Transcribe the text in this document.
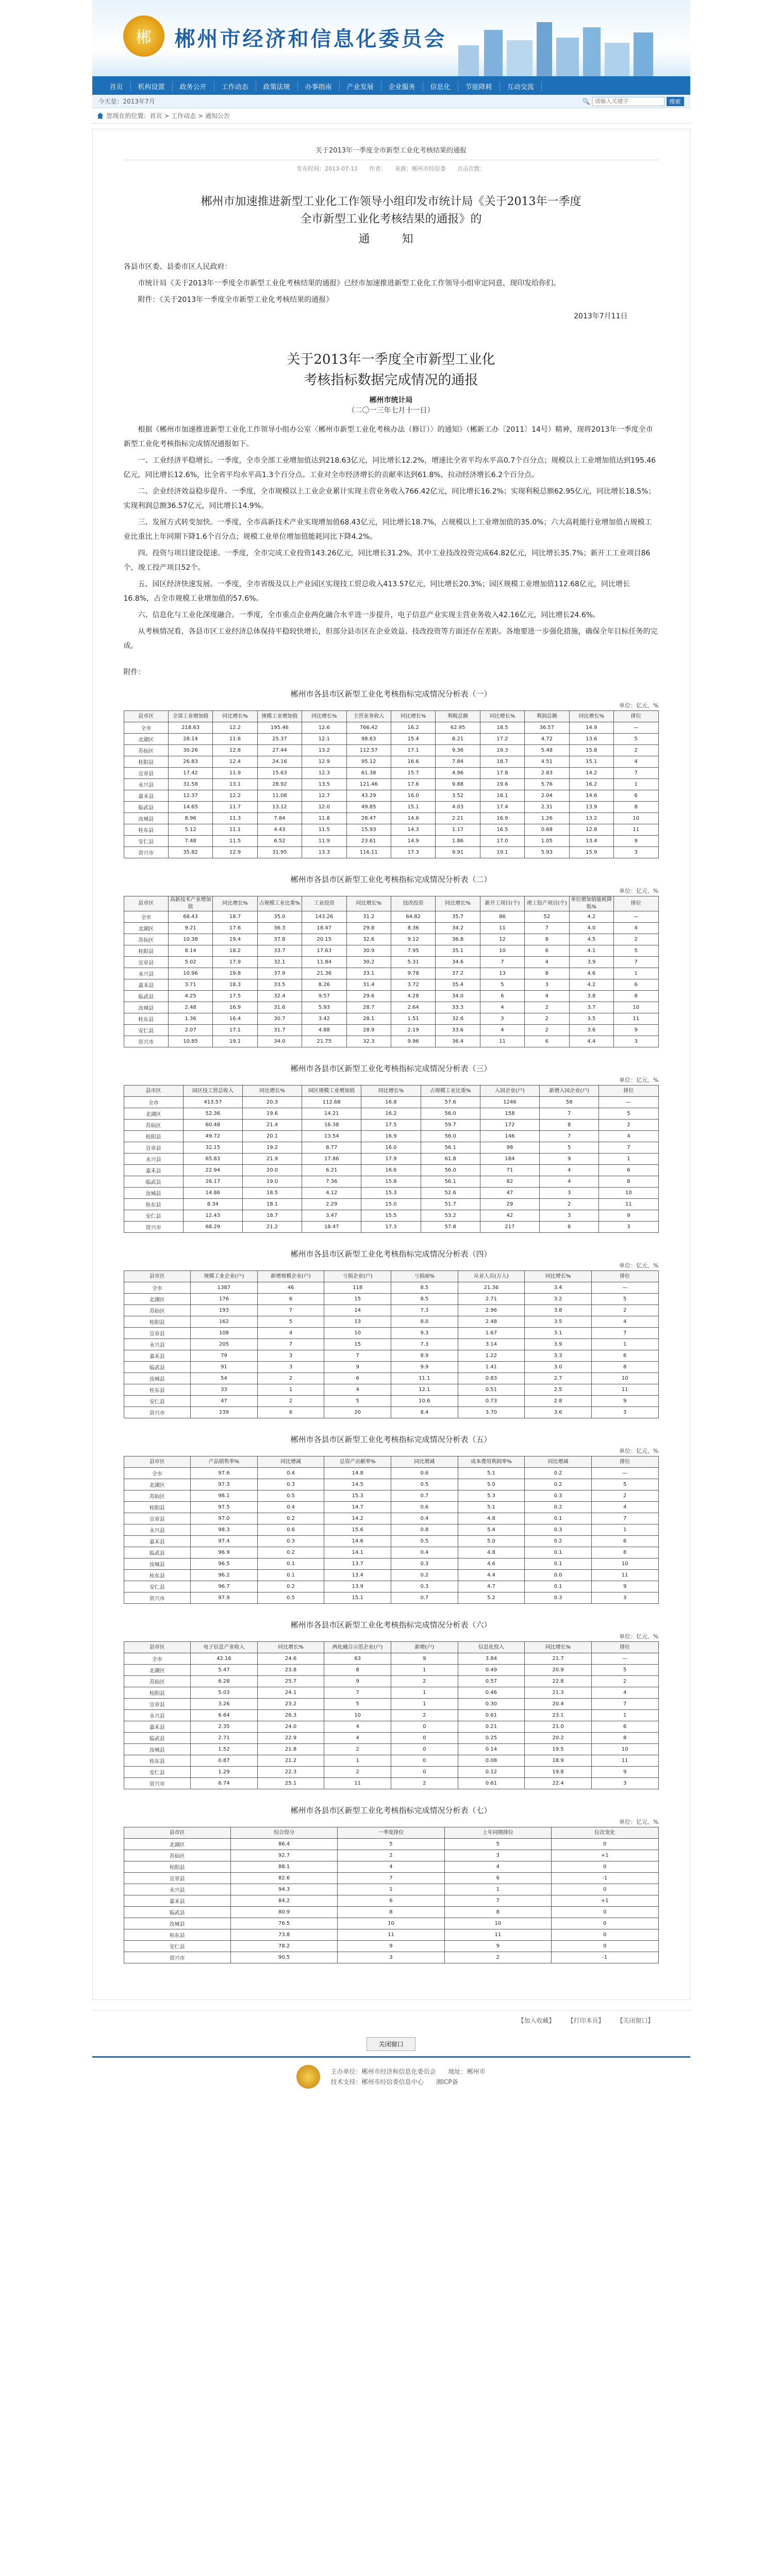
郴	郴州市经济和信息化委员会
首页	机构设置	政务公开	工作动态	政策法规	办事指南	产业发展	企业服务	信息化	节能降耗	互动交流
今天是：2013年7月	🔍
请输入关键字	搜索
您现在的位置：首页 > 工作动态 > 通知公告
关于2013年一季度全市新型工业化考核结果的通报
发布时间：2013-07-11　　作者：　　来源：郴州市经信委　　点击次数：
郴州市加速推进新型工业化工作领导小组印发市统计局《关于2013年一季度
全市新型工业化考核结果的通报》的
通　知
各县市区委、县委市区人民政府：

市统计局《关于2013年一季度全市新型工业化考核结果的通报》已经市加速推进新型工业化工作领导小组审定同意，现印发给你们。

附件：《关于2013年一季度全市新型工业化考核结果的通报》

2013年7月11日
关于2013年一季度全市新型工业化
考核指标数据完成情况的通报
郴州市统计局
（二〇一三年七月十一日）

根据《郴州市加速推进新型工业化工作领导小组办公室〈郴州市新型工业化考核办法（修订）〉的通知》（郴新工办〔2011〕14号）精神，现将2013年一季度全市新型工业化考核指标完成情况通报如下。

一、工业经济平稳增长。一季度，全市全部工业增加值达到218.63亿元，同比增长12.2%，增速比全省平均水平高0.7个百分点；规模以上工业增加值达到195.46亿元，同比增长12.6%，比全省平均水平高1.3个百分点。工业对全市经济增长的贡献率达到61.8%，拉动经济增长6.2个百分点。

二、企业经济效益稳步提升。一季度，全市规模以上工业企业累计实现主营业务收入766.42亿元，同比增长16.2%；实现利税总额62.95亿元，同比增长18.5%；实现利润总额36.57亿元，同比增长14.9%。

三、发展方式转变加快。一季度，全市高新技术产业实现增加值68.43亿元，同比增长18.7%，占规模以上工业增加值的35.0%；六大高耗能行业增加值占规模工业比重比上年同期下降1.6个百分点；规模工业单位增加值能耗同比下降4.2%。

四、投资与项目建设提速。一季度，全市完成工业投资143.26亿元，同比增长31.2%，其中工业技改投资完成64.82亿元，同比增长35.7%；新开工工业项目86个，竣工投产项目52个。

五、园区经济快速发展。一季度，全市省级及以上产业园区实现技工贸总收入413.57亿元，同比增长20.3%；园区规模工业增加值112.68亿元，同比增长16.8%，占全市规模工业增加值的57.6%。

六、信息化与工业化深度融合。一季度，全市重点企业两化融合水平进一步提升，电子信息产业实现主营业务收入42.16亿元，同比增长24.6%。

从考核情况看，各县市区工业经济总体保持平稳较快增长，但部分县市区在企业效益、技改投资等方面还存在差距。各地要进一步强化措施，确保全年目标任务的完成。

附件：
郴州市各县市区新型工业化考核指标完成情况分析表（一）
单位：亿元、%
县市区	全部工业增加值	同比增长%	规模工业增加值	同比增长%	主营业务收入	同比增长%	利税总额	同比增长%	利润总额	同比增长%	排位
全市	218.63	12.2	195.46	12.6	766.42	16.2	62.95	18.5	36.57	14.9	—
北湖区	28.14	11.6	25.37	12.1	98.63	15.4	8.21	17.2	4.72	13.6	5
苏仙区	30.26	12.8	27.44	13.2	112.57	17.1	9.36	19.3	5.48	15.8	2
桂阳县	26.83	12.4	24.16	12.9	95.12	16.6	7.84	18.7	4.51	15.1	4
宜章县	17.42	11.9	15.63	12.3	61.38	15.7	4.96	17.8	2.83	14.2	7
永兴县	31.58	13.1	28.92	13.5	121.46	17.6	9.88	19.6	5.76	16.2	1
嘉禾县	12.37	12.2	11.08	12.7	43.29	16.0	3.52	18.1	2.04	14.6	6
临武县	14.65	11.7	13.12	12.0	49.85	15.1	4.03	17.4	2.31	13.9	8
汝城县	8.96	11.3	7.84	11.8	28.47	14.6	2.21	16.9	1.26	13.2	10
桂东县	5.12	11.1	4.43	11.5	15.93	14.3	1.17	16.5	0.68	12.8	11
安仁县	7.48	11.5	6.52	11.9	23.61	14.9	1.86	17.0	1.05	13.4	9
资兴市	35.82	12.9	31.95	13.3	116.11	17.3	9.91	19.1	5.93	15.9	3
郴州市各县市区新型工业化考核指标完成情况分析表（二）
单位：亿元、%
县市区	高新技术产业增加值	同比增长%	占规模工业比重%	工业投资	同比增长%	技改投资	同比增长%	新开工项目(个)	竣工投产项目(个)	单位增加值能耗降低%	排位
全市	68.43	18.7	35.0	143.26	31.2	64.82	35.7	86	52	4.2	—
北湖区	9.21	17.6	36.3	18.47	29.8	8.36	34.2	11	7	4.0	4
苏仙区	10.38	19.4	37.8	20.15	32.6	9.12	36.8	12	8	4.5	2
桂阳县	8.14	18.2	33.7	17.63	30.9	7.95	35.1	10	6	4.1	5
宜章县	5.02	17.9	32.1	11.84	30.2	5.31	34.6	7	4	3.9	7
永兴县	10.96	19.8	37.9	21.36	33.1	9.78	37.2	13	8	4.6	1
嘉禾县	3.71	18.3	33.5	8.26	31.4	3.72	35.4	5	3	4.2	6
临武县	4.25	17.5	32.4	9.57	29.6	4.28	34.0	6	4	3.8	8
汝城县	2.48	16.9	31.6	5.93	28.7	2.64	33.3	4	2	3.7	10
桂东县	1.36	16.4	30.7	3.42	28.1	1.51	32.6	3	2	3.5	11
安仁县	2.07	17.1	31.7	4.88	28.9	2.19	33.6	4	2	3.6	9
资兴市	10.85	19.1	34.0	21.75	32.3	9.96	36.4	11	6	4.4	3
郴州市各县市区新型工业化考核指标完成情况分析表（三）
单位：亿元、%
县市区	园区技工贸总收入	同比增长%	园区规模工业增加值	同比增长%	占规模工业比重%	入园企业(户)	新增入园企业(户)	排位
全市	413.57	20.3	112.68	16.8	57.6	1246	58	—
北湖区	52.36	19.6	14.21	16.2	56.0	158	7	5
苏仙区	60.48	21.4	16.38	17.5	59.7	172	8	2
桂阳县	49.72	20.1	13.54	16.9	56.0	146	7	4
宜章县	32.15	19.2	8.77	16.0	56.1	98	5	7
永兴县	65.83	21.9	17.86	17.9	61.8	184	9	1
嘉禾县	22.94	20.0	6.21	16.6	56.0	71	4	6
临武县	26.17	19.0	7.36	15.8	56.1	82	4	8
汝城县	14.86	18.5	4.12	15.3	52.6	47	3	10
桂东县	8.34	18.1	2.29	15.0	51.7	29	2	11
安仁县	12.43	18.7	3.47	15.5	53.2	42	3	9
资兴市	68.29	21.2	18.47	17.3	57.8	217	6	3
郴州市各县市区新型工业化考核指标完成情况分析表（四）
单位：亿元、%
县市区	规模工业企业(户)	新增规模企业(户)	亏损企业(户)	亏损面%	从业人员(万人)	同比增长%	排位
全市	1387	46	118	8.5	21.36	3.4	—
北湖区	176	6	15	8.5	2.71	3.2	5
苏仙区	193	7	14	7.3	2.96	3.8	2
桂阳县	162	5	13	8.0	2.48	3.5	4
宜章县	108	4	10	9.3	1.67	3.1	7
永兴县	205	7	15	7.3	3.14	3.9	1
嘉禾县	79	3	7	8.9	1.22	3.3	6
临武县	91	3	9	9.9	1.41	3.0	8
汝城县	54	2	6	11.1	0.83	2.7	10
桂东县	33	1	4	12.1	0.51	2.5	11
安仁县	47	2	5	10.6	0.73	2.8	9
资兴市	239	6	20	8.4	3.70	3.6	3
郴州市各县市区新型工业化考核指标完成情况分析表（五）
单位：亿元、%
县市区	产品销售率%	同比增减	总资产贡献率%	同比增减	成本费用利润率%	同比增减	排位
全市	97.6	0.4	14.8	0.6	5.1	0.2	—
北湖区	97.3	0.3	14.5	0.5	5.0	0.2	5
苏仙区	98.1	0.5	15.3	0.7	5.3	0.3	2
桂阳县	97.5	0.4	14.7	0.6	5.1	0.2	4
宜章县	97.0	0.2	14.2	0.4	4.8	0.1	7
永兴县	98.3	0.6	15.6	0.8	5.4	0.3	1
嘉禾县	97.4	0.3	14.6	0.5	5.0	0.2	6
临武县	96.9	0.2	14.1	0.4	4.8	0.1	8
汝城县	96.5	0.1	13.7	0.3	4.6	0.1	10
桂东县	96.2	0.1	13.4	0.2	4.4	0.0	11
安仁县	96.7	0.2	13.9	0.3	4.7	0.1	9
资兴市	97.9	0.5	15.1	0.7	5.2	0.3	3
郴州市各县市区新型工业化考核指标完成情况分析表（六）
单位：亿元、%
县市区	电子信息产业收入	同比增长%	两化融合示范企业(户)	新增(户)	信息化投入	同比增长%	排位
全市	42.16	24.6	63	9	3.84	21.7	—
北湖区	5.47	23.8	8	1	0.49	20.9	5
苏仙区	6.28	25.7	9	2	0.57	22.8	2
桂阳县	5.03	24.1	7	1	0.46	21.3	4
宜章县	3.26	23.2	5	1	0.30	20.4	7
永兴县	6.64	26.3	10	2	0.61	23.1	1
嘉禾县	2.35	24.0	4	0	0.21	21.0	6
临武县	2.71	22.9	4	0	0.25	20.2	8
汝城县	1.52	21.8	2	0	0.14	19.5	10
桂东县	0.87	21.2	1	0	0.08	18.9	11
安仁县	1.29	22.3	2	0	0.12	19.8	9
资兴市	6.74	25.1	11	2	0.61	22.4	3
郴州市各县市区新型工业化考核指标完成情况分析表（七）
单位：亿元、%
县市区	综合得分	一季度排位	上年同期排位	位次变化
北湖区	86.4	5	5	0
苏仙区	92.7	2	3	+1
桂阳县	88.1	4	4	0
宜章县	82.6	7	6	-1
永兴县	94.3	1	1	0
嘉禾县	84.2	6	7	+1
临武县	80.9	8	8	0
汝城县	76.5	10	10	0
桂东县	73.8	11	11	0
安仁县	78.2	9	9	0
资兴市	90.5	3	2	-1
【加入收藏】 【打印本页】 【关闭窗口】
关闭窗口
主办单位：郴州市经济和信息化委员会　　地址：郴州市
技术支持：郴州市经信委信息中心　　湘ICP备
